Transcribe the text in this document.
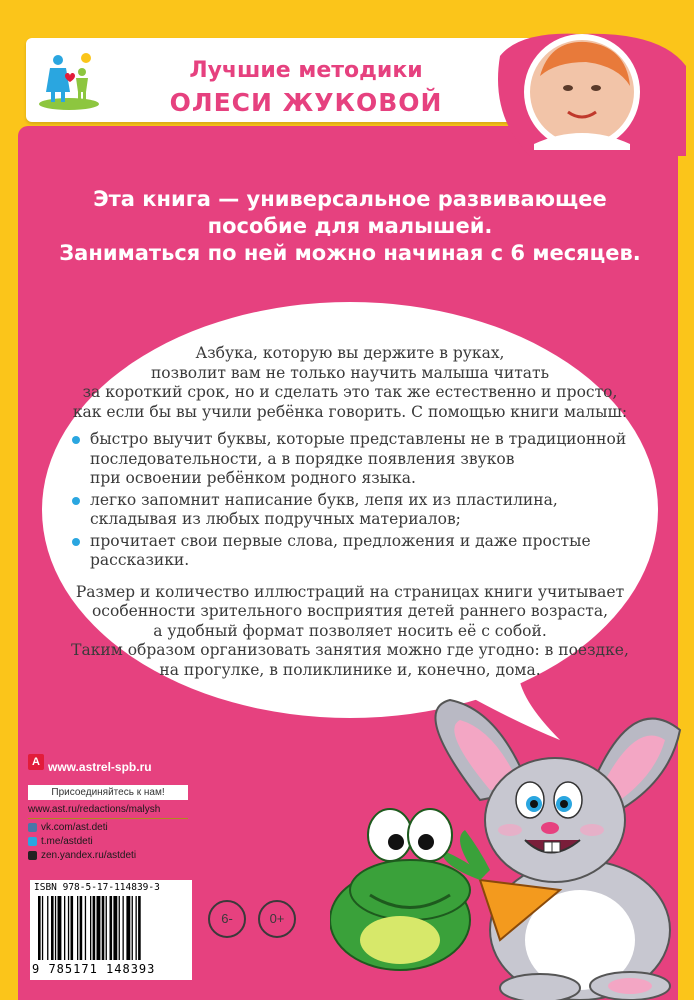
Лучшие методики
ОЛЕСИ ЖУКОВОЙ
Эта книга — универсальное развивающее
пособие для малышей.
Заниматься по ней можно начиная с 6 месяцев.

Азбука, которую вы держите в руках,

позволит вам не только научить малыша читать

за короткий срок, но и сделать это так же естественно и просто,

как если бы вы учили ребёнка говорить. С помощью книги малыш:

быстро выучит буквы, которые представлены не в традиционной
последовательности, а в порядке появления звуков
при освоении ребёнком родного языка.
легко запомнит написание букв, лепя их из пластилина,
складывая из любых подручных материалов;
прочитает свои первые слова, предложения и даже простые рассказики.

Размер и количество иллюстраций на страницах книги учитывает

особенности зрительного восприятия детей раннего возраста,

а удобный формат позволяет носить её с собой.

Таким образом организовать занятия можно где угодно: в поездке,

на прогулке, в поликлинике и, конечно, дома.

А www.astrel-spb.ru
Присоединяйтесь к нам!
www.ast.ru/redactions/malysh
vk.com/ast.deti
t.me/astdeti
zen.yandex.ru/astdeti
ISBN 978-5-17-114839-3
9 785171 148393
6-	0+
